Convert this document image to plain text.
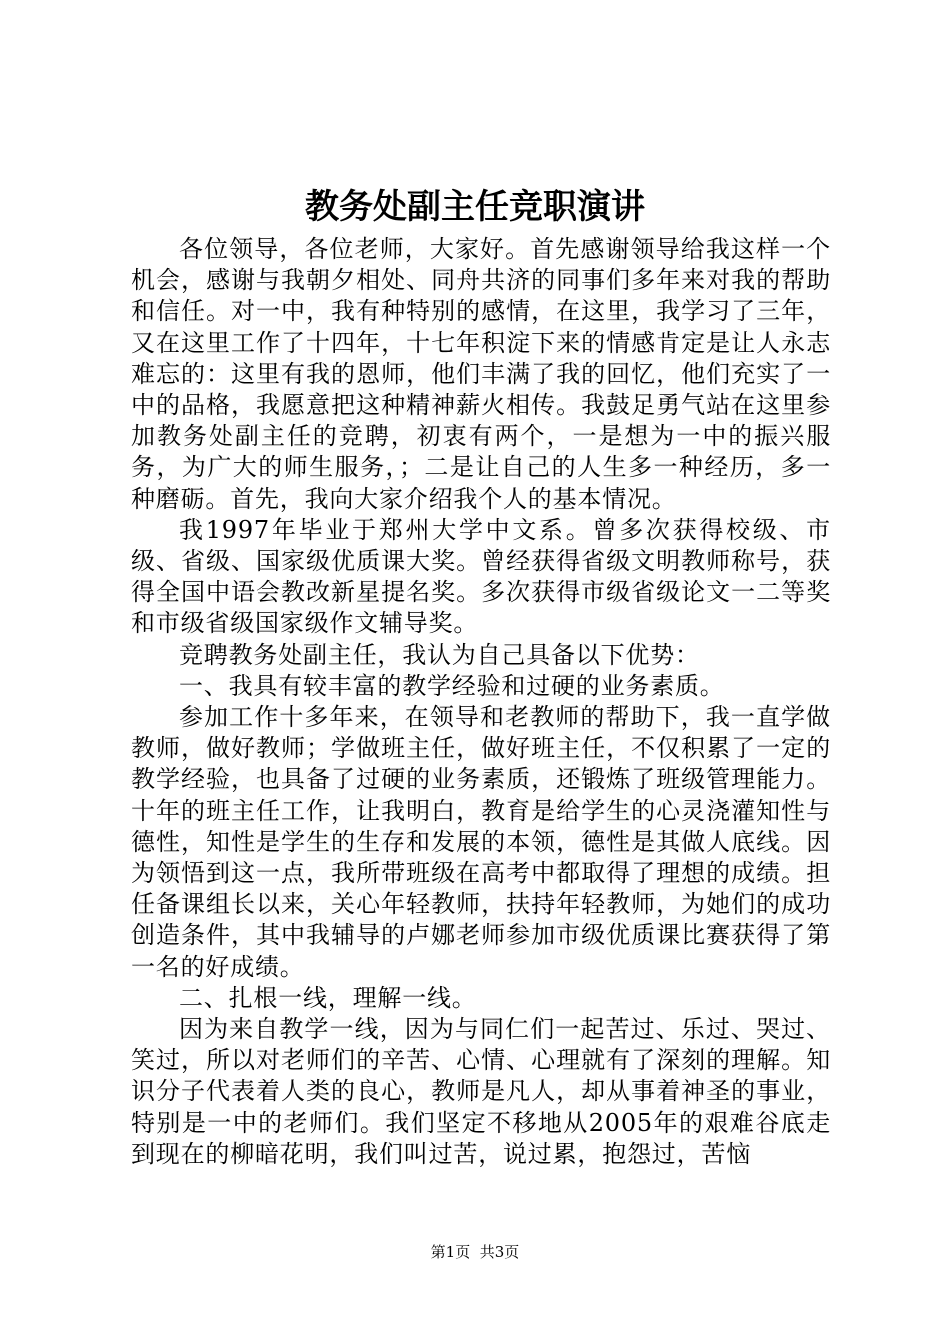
教务处副主任竞职演讲

各位领导，各位老师，大家好。首先感谢领导给我这样一个机会，感谢与我朝夕相处、同舟共济的同事们多年来对我的帮助和信任。对一中，我有种特别的感情，在这里，我学习了三年，又在这里工作了十四年，十七年积淀下来的情感肯定是让人永志难忘的：这里有我的恩师，他们丰满了我的回忆，他们充实了一中的品格，我愿意把这种精神薪火相传。我鼓足勇气站在这里参加教务处副主任的竞聘，初衷有两个，一是想为一中的振兴服务，为广大的师生服务，；二是让自己的人生多一种经历，多一种磨砺。首先，我向大家介绍我个人的基本情况。

我1997年毕业于郑州大学中文系。曾多次获得校级、市级、省级、国家级优质课大奖。曾经获得省级文明教师称号，获得全国中语会教改新星提名奖。多次获得市级省级论文一二等奖和市级省级国家级作文辅导奖。

竞聘教务处副主任，我认为自己具备以下优势：

一、我具有较丰富的教学经验和过硬的业务素质。

参加工作十多年来，在领导和老教师的帮助下，我一直学做教师，做好教师；学做班主任，做好班主任，不仅积累了一定的教学经验，也具备了过硬的业务素质，还锻炼了班级管理能力。十年的班主任工作，让我明白，教育是给学生的心灵浇灌知性与德性，知性是学生的生存和发展的本领，德性是其做人底线。因为领悟到这一点，我所带班级在高考中都取得了理想的成绩。担任备课组长以来，关心年轻教师，扶持年轻教师，为她们的成功创造条件，其中我辅导的卢娜老师参加市级优质课比赛获得了第一名的好成绩。

二、扎根一线，理解一线。

因为来自教学一线，因为与同仁们一起苦过、乐过、哭过、笑过，所以对老师们的辛苦、心情、心理就有了深刻的理解。知识分子代表着人类的良心，教师是凡人，却从事着神圣的事业，特别是一中的老师们。我们坚定不移地从2005年的艰难谷底走到现在的柳暗花明，我们叫过苦，说过累，抱怨过，苦恼

第1页 共3页
